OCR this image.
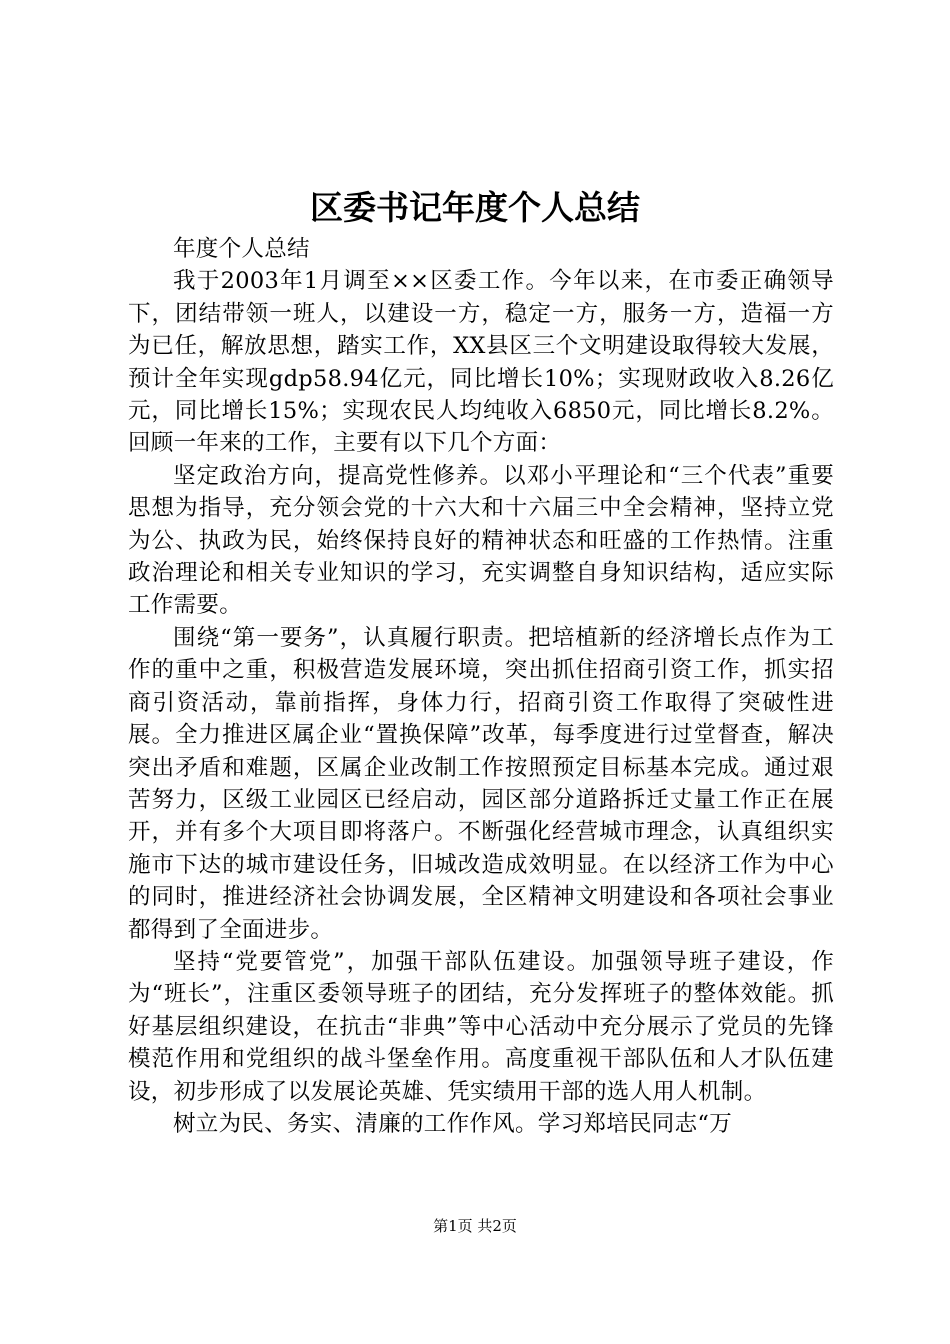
区委书记年度个人总结

年度个人总结

我于2003年1月调至××区委工作。今年以来，在市委正确领导下，团结带领一班人，以建设一方，稳定一方，服务一方，造福一方为已任，解放思想，踏实工作，XX县区三个文明建设取得较大发展，预计全年实现gdp58.94亿元，同比增长10%；实现财政收入8.26亿元，同比增长15%；实现农民人均纯收入6850元，同比增长8.2%。回顾一年来的工作，主要有以下几个方面：

坚定政治方向，提高党性修养。以邓小平理论和“三个代表”重要思想为指导，充分领会党的十六大和十六届三中全会精神，坚持立党为公、执政为民，始终保持良好的精神状态和旺盛的工作热情。注重政治理论和相关专业知识的学习，充实调整自身知识结构，适应实际工作需要。

围绕“第一要务”，认真履行职责。把培植新的经济增长点作为工作的重中之重，积极营造发展环境，突出抓住招商引资工作，抓实招商引资活动，靠前指挥，身体力行，招商引资工作取得了突破性进展。全力推进区属企业“置换保障”改革，每季度进行过堂督查，解决突出矛盾和难题，区属企业改制工作按照预定目标基本完成。通过艰苦努力，区级工业园区已经启动，园区部分道路拆迁丈量工作正在展开，并有多个大项目即将落户。不断强化经营城市理念，认真组织实施市下达的城市建设任务，旧城改造成效明显。在以经济工作为中心的同时，推进经济社会协调发展，全区精神文明建设和各项社会事业都得到了全面进步。

坚持“党要管党”，加强干部队伍建设。加强领导班子建设，作为“班长”，注重区委领导班子的团结，充分发挥班子的整体效能。抓好基层组织建设，在抗击“非典”等中心活动中充分展示了党员的先锋模范作用和党组织的战斗堡垒作用。高度重视干部队伍和人才队伍建设，初步形成了以发展论英雄、凭实绩用干部的选人用人机制。

树立为民、务实、清廉的工作作风。学习郑培民同志“万

第1页 共2页
